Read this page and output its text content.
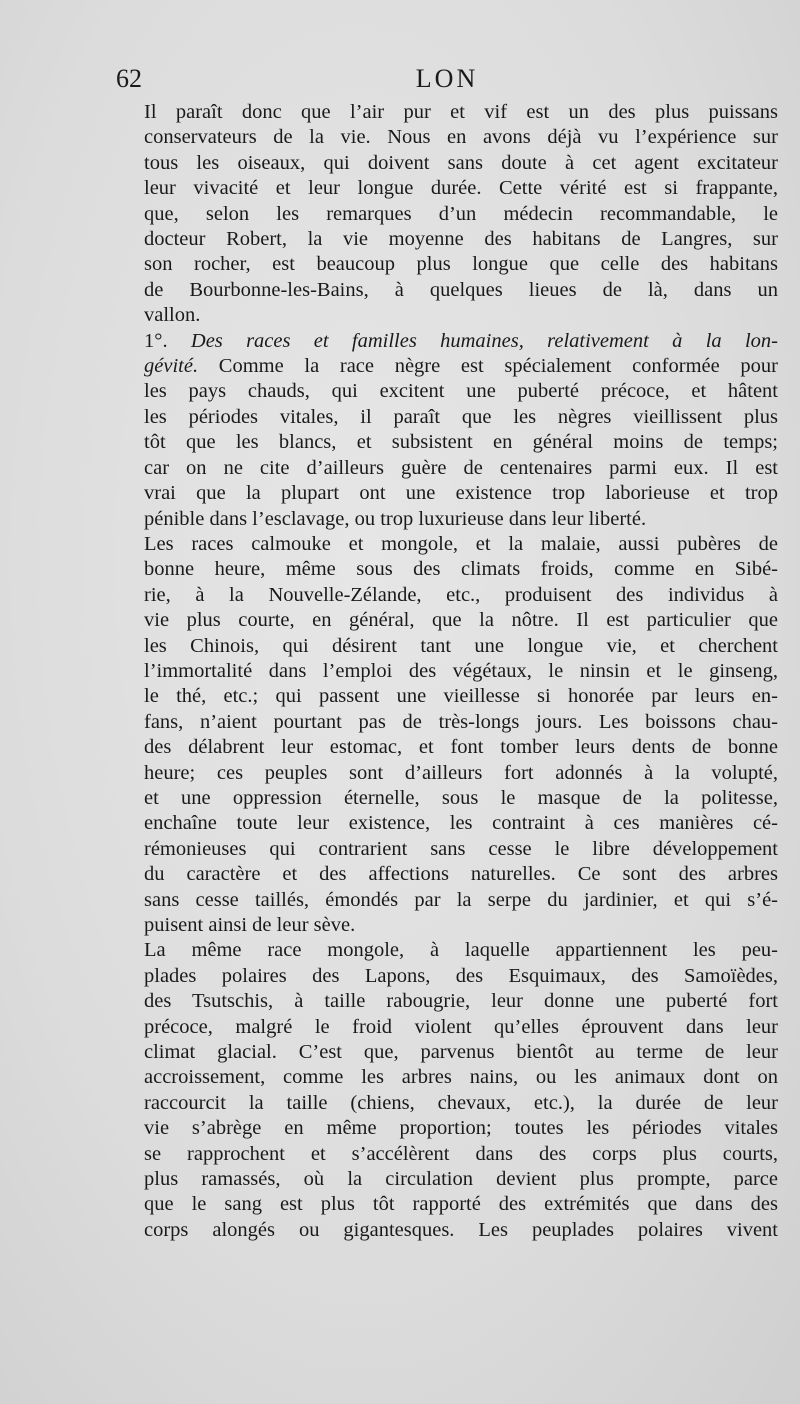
62	LON
Il paraît donc que l’air pur et vif est un des plus puissans
conservateurs de la vie. Nous en avons déjà vu l’expérience sur
tous les oiseaux, qui doivent sans doute à cet agent excitateur
leur vivacité et leur longue durée. Cette vérité est si frappante,
que, selon les remarques d’un médecin recommandable, le
docteur Robert, la vie moyenne des habitans de Langres, sur
son rocher, est beaucoup plus longue que celle des habitans
de Bourbonne-les-Bains, à quelques lieues de là, dans un
vallon.
1°. Des races et familles humaines, relativement à la lon-
gévité. Comme la race nègre est spécialement conformée pour
les pays chauds, qui excitent une puberté précoce, et hâtent
les périodes vitales, il paraît que les nègres vieillissent plus
tôt que les blancs, et subsistent en général moins de temps;
car on ne cite d’ailleurs guère de centenaires parmi eux. Il est
vrai que la plupart ont une existence trop laborieuse et trop
pénible dans l’esclavage, ou trop luxurieuse dans leur liberté.
Les races calmouke et mongole, et la malaie, aussi pubères de
bonne heure, même sous des climats froids, comme en Sibé-
rie, à la Nouvelle-Zélande, etc., produisent des individus à
vie plus courte, en général, que la nôtre. Il est particulier que
les Chinois, qui désirent tant une longue vie, et cherchent
l’immortalité dans l’emploi des végétaux, le ninsin et le ginseng,
le thé, etc.; qui passent une vieillesse si honorée par leurs en-
fans, n’aient pourtant pas de très-longs jours. Les boissons chau-
des délabrent leur estomac, et font tomber leurs dents de bonne
heure; ces peuples sont d’ailleurs fort adonnés à la volupté,
et une oppression éternelle, sous le masque de la politesse,
enchaîne toute leur existence, les contraint à ces manières cé-
rémonieuses qui contrarient sans cesse le libre développement
du caractère et des affections naturelles. Ce sont des arbres
sans cesse taillés, émondés par la serpe du jardinier, et qui s’é-
puisent ainsi de leur sève.
La même race mongole, à laquelle appartiennent les peu-
plades polaires des Lapons, des Esquimaux, des Samoïèdes,
des Tsutschis, à taille rabougrie, leur donne une puberté fort
précoce, malgré le froid violent qu’elles éprouvent dans leur
climat glacial. C’est que, parvenus bientôt au terme de leur
accroissement, comme les arbres nains, ou les animaux dont on
raccourcit la taille (chiens, chevaux, etc.), la durée de leur
vie s’abrège en même proportion; toutes les périodes vitales
se rapprochent et s’accélèrent dans des corps plus courts,
plus ramassés, où la circulation devient plus prompte, parce
que le sang est plus tôt rapporté des extrémités que dans des
corps alongés ou gigantesques. Les peuplades polaires vivent
